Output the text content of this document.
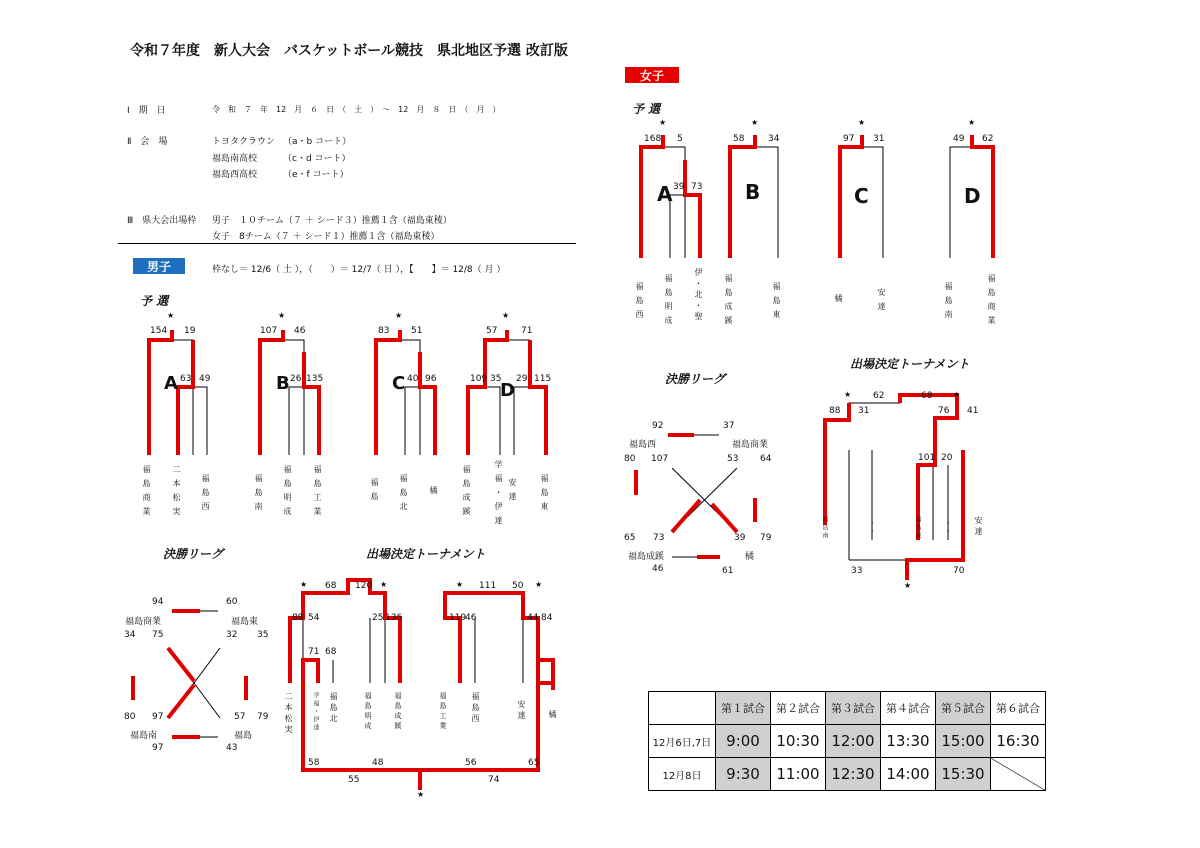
令和７年度　新人大会　バスケットボール競技　県北地区予選 改訂版
Ⅰ　期　日	令　和　７　年　12　月　６　日　（　土　）　～　12　月　８　日　（　月　）
Ⅱ　会　場	トヨタクラウン （a・b コート）
福島南高校	（c・d コート）
福島西高校	（e・f コート）
Ⅲ　県大会出場枠 男子　１０チーム（７ ＋ シード３）推薦１含（福島東稜）
女子　8チーム（７ ＋ シード１）推薦１含（福島東稜）
男子	枠なし＝ 12/6（ 土 ），（　　）＝ 12/7（ 日 ），【　　】＝ 12/8（ 月 ）
女子
予 選
決勝リーグ	出場決定トーナメント
予 選
決勝リーグ
出場決定トーナメント
★	★	★	★
154 19
63 49
A
107 46
26 135
B
83 51
40 96
C
57	71
109 35 29 115
D
福島商業	二本松実	福島西	福島南	福島明成	福島工業	福島	福島北	橘	福島成蹊	学福・伊達 安達	福島東
94	60
福島商業	福島東
34 75	32 35
80 97	57 79
福島南	福島
97	43
★	★	★	★
★
68 120
89 54	25 136
71 68
58	48
55
111 50
119
46	44 84
56	65
74
二本松実	学福・伊達 福島北	福島明成	福島成蹊	福島工業	福島西	安達	橘
★	★	★	★
168 5
39 73
A
58	34
B
97 31
C
49 62
D
福島西	福島明成	伊・北・聖	福島成蹊	福島東	橘	安達	福島南	福島商業
92	37
福島西	福島商業
80 107	53 64
65 73	39 79
福島成蹊	橘
46	61
★	★
★
62	68
88 31	76 41
101 20
33	70
福島南	・・	福島東	・・	安達
	第１試合	第２試合	第３試合	第４試合	第５試合	第６試合
12月6日,7日	9:00	10:30	12:00	13:30	15:00	16:30
12月8日	9:30	11:00	12:30	14:00	15:30	
